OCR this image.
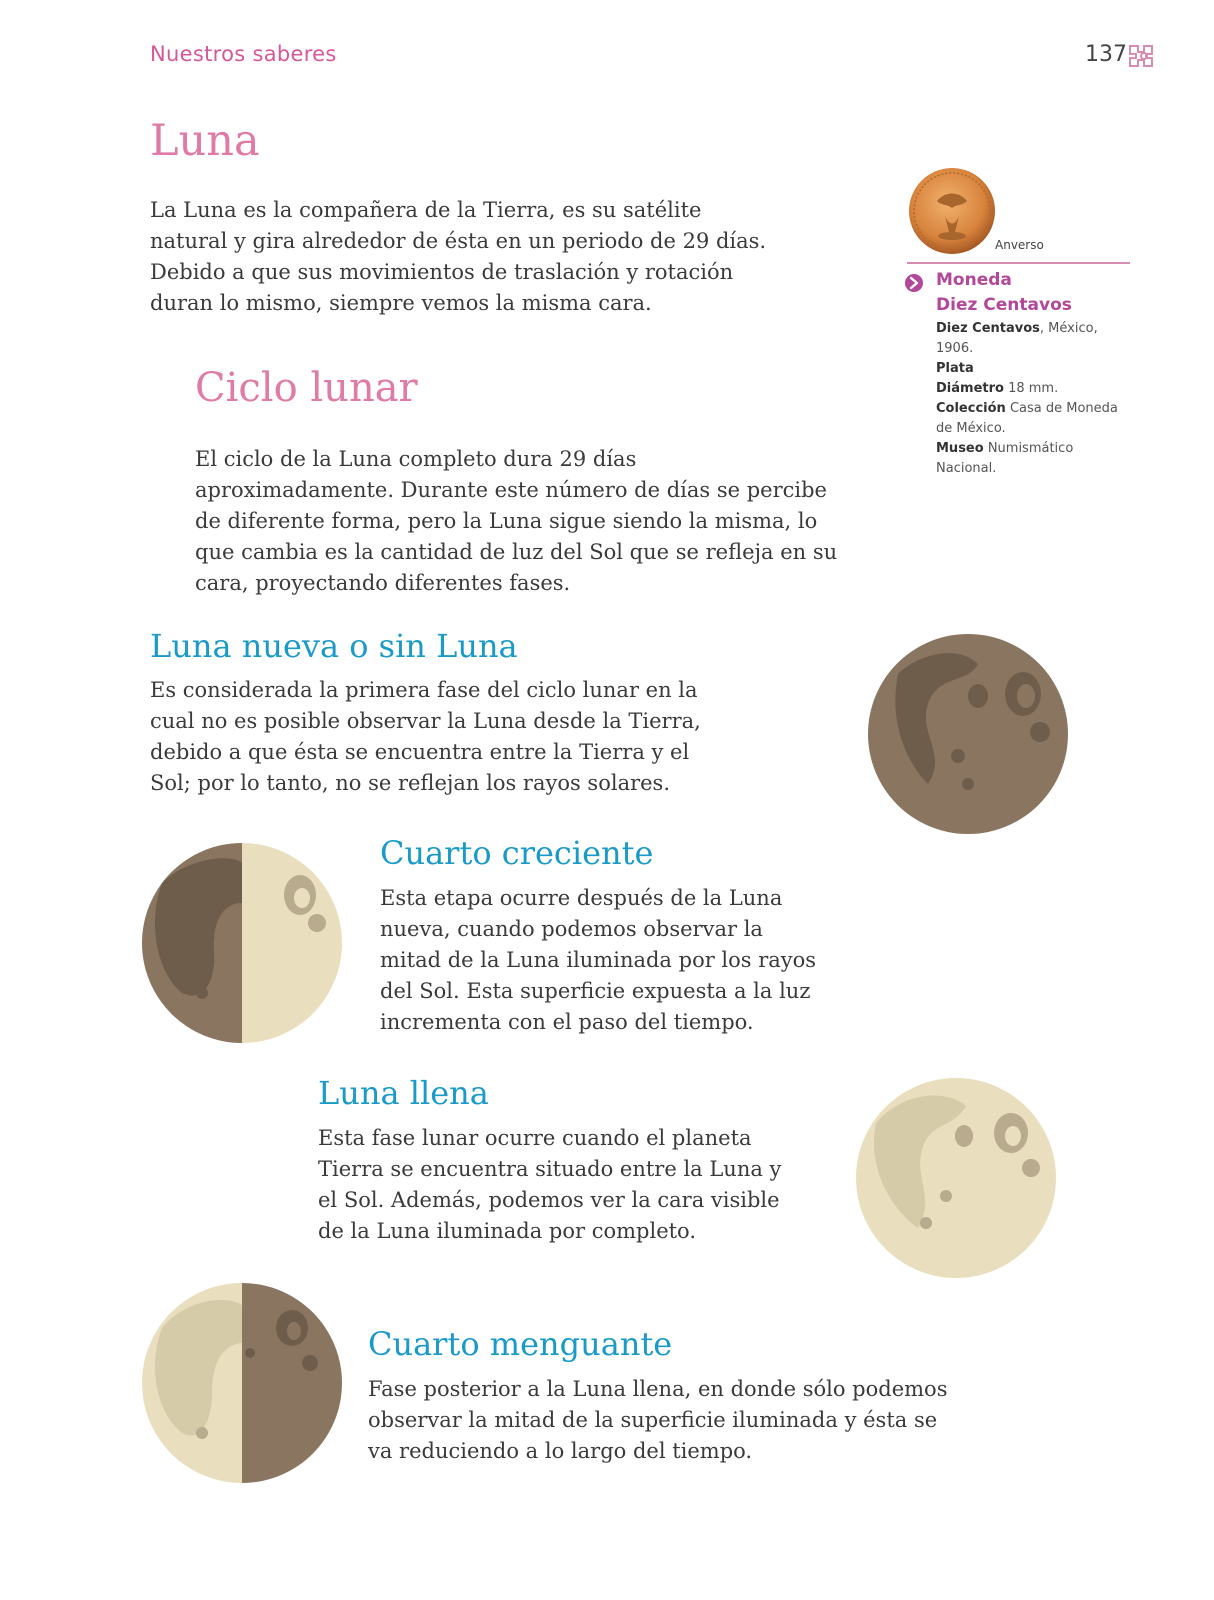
Nuestros saberes	137
Luna

La Luna es la compañera de la Tierra, es su satélite

natural y gira alrededor de ésta en un periodo de 29 días.

Debido a que sus movimientos de traslación y rotación

duran lo mismo, siempre vemos la misma cara.

Ciclo lunar

El ciclo de la Luna completo dura 29 días

aproximadamente. Durante este número de días se percibe

de diferente forma, pero la Luna sigue siendo la misma, lo

que cambia es la cantidad de luz del Sol que se refleja en su

cara, proyectando diferentes fases.

Luna nueva o sin Luna

Es considerada la primera fase del ciclo lunar en la

cual no es posible observar la Luna desde la Tierra,

debido a que ésta se encuentra entre la Tierra y el

Sol; por lo tanto, no se reflejan los rayos solares.

Cuarto creciente

Esta etapa ocurre después de la Luna

nueva, cuando podemos observar la

mitad de la Luna iluminada por los rayos

del Sol. Esta superficie expuesta a la luz

incrementa con el paso del tiempo.

Luna llena

Esta fase lunar ocurre cuando el planeta

Tierra se encuentra situado entre la Luna y

el Sol. Además, podemos ver la cara visible

de la Luna iluminada por completo.

Cuarto menguante

Fase posterior a la Luna llena, en donde sólo podemos

observar la mitad de la superficie iluminada y ésta se

va reduciendo a lo largo del tiempo.

Anverso
Moneda
Diez Centavos
Diez Centavos, México,
1906.
Plata
Diámetro 18 mm.
Colección Casa de Moneda
de México.
Museo Numismático
Nacional.
